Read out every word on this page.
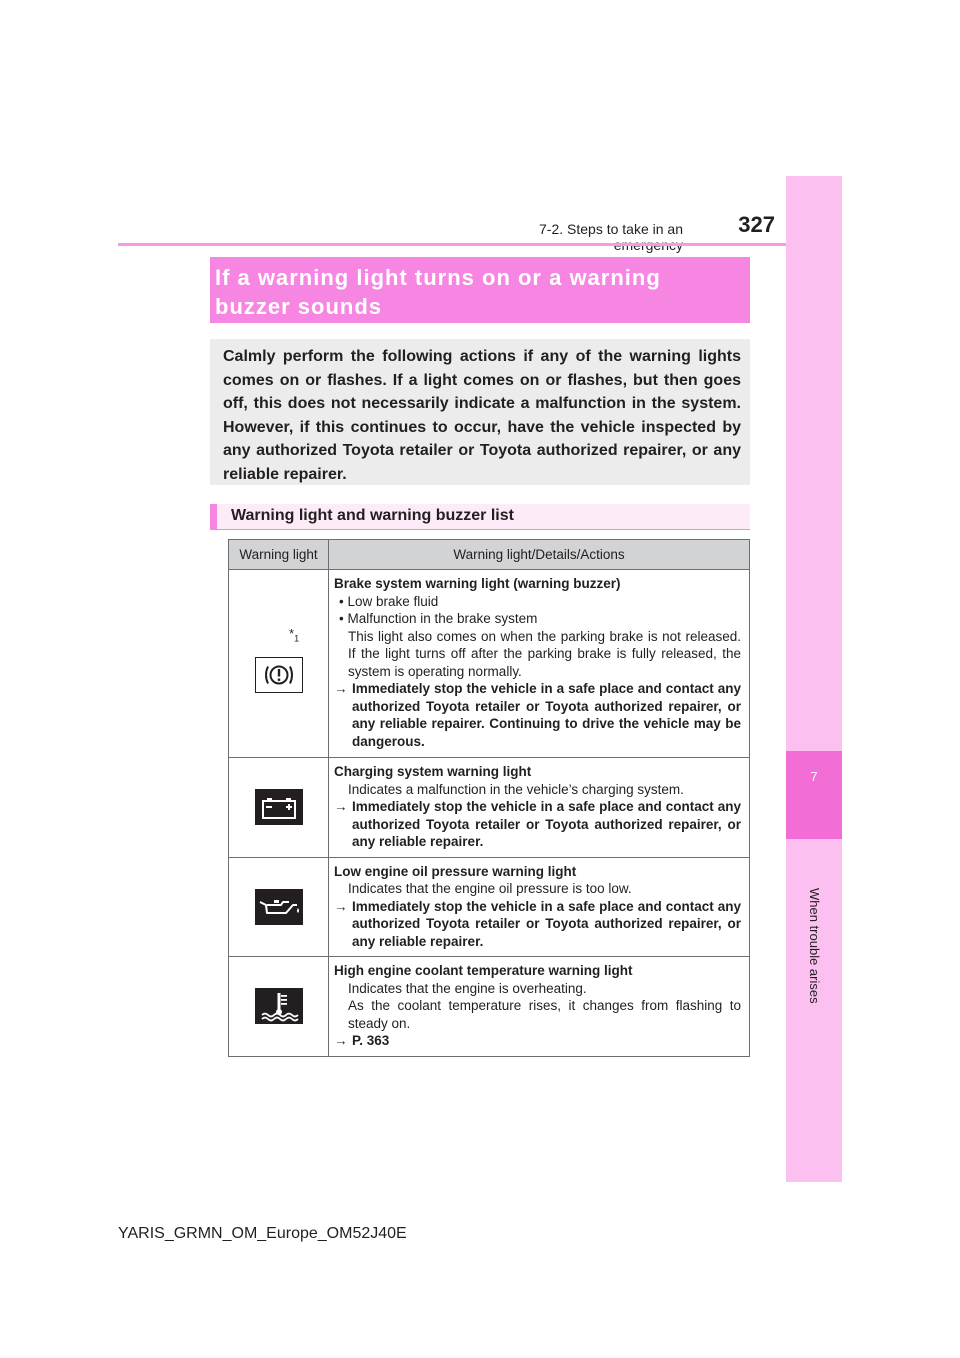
7
When trouble arises
7-2. Steps to take in an	327
If a warning light turns on or a warning
buzzer sounds

Calmly perform the following actions if any of the warning lights comes on or flashes. If a light comes on or flashes, but then goes off, this does not necessarily indicate a malfunction in the system. However, if this continues to occur, have the vehicle inspected by any authorized Toyota retailer or Toyota authorized repairer, or any reliable repairer.

Warning light and warning buzzer list
Warning light	Warning light/Details/Actions

$*_1$	Brake system warning light (warning buzzer)
• Low brake fluid
• Malfunction in the brake system
This light also comes on when the parking brake is not released. If the light turns off after the parking brake is fully released, the system is operating normally.
→ Immediately stop the vehicle in a safe place and contact any authorized Toyota retailer or Toyota authorized repairer, or any reliable repairer. Continuing to drive the vehicle may be dangerous.

Charging system warning light
Indicates a malfunction in the vehicle’s charging system.
→ Immediately stop the vehicle in a safe place and contact any authorized Toyota retailer or Toyota authorized repairer, or any reliable repairer.

Low engine oil pressure warning light
Indicates that the engine oil pressure is too low.
→ Immediately stop the vehicle in a safe place and contact any authorized Toyota retailer or Toyota authorized repairer, or any reliable repairer.

High engine coolant temperature warning light
Indicates that the engine is overheating.
As the coolant temperature rises, it changes from flashing to steady on.
→ P. 363
YARIS_GRMN_OM_Europe_OM52J40E
